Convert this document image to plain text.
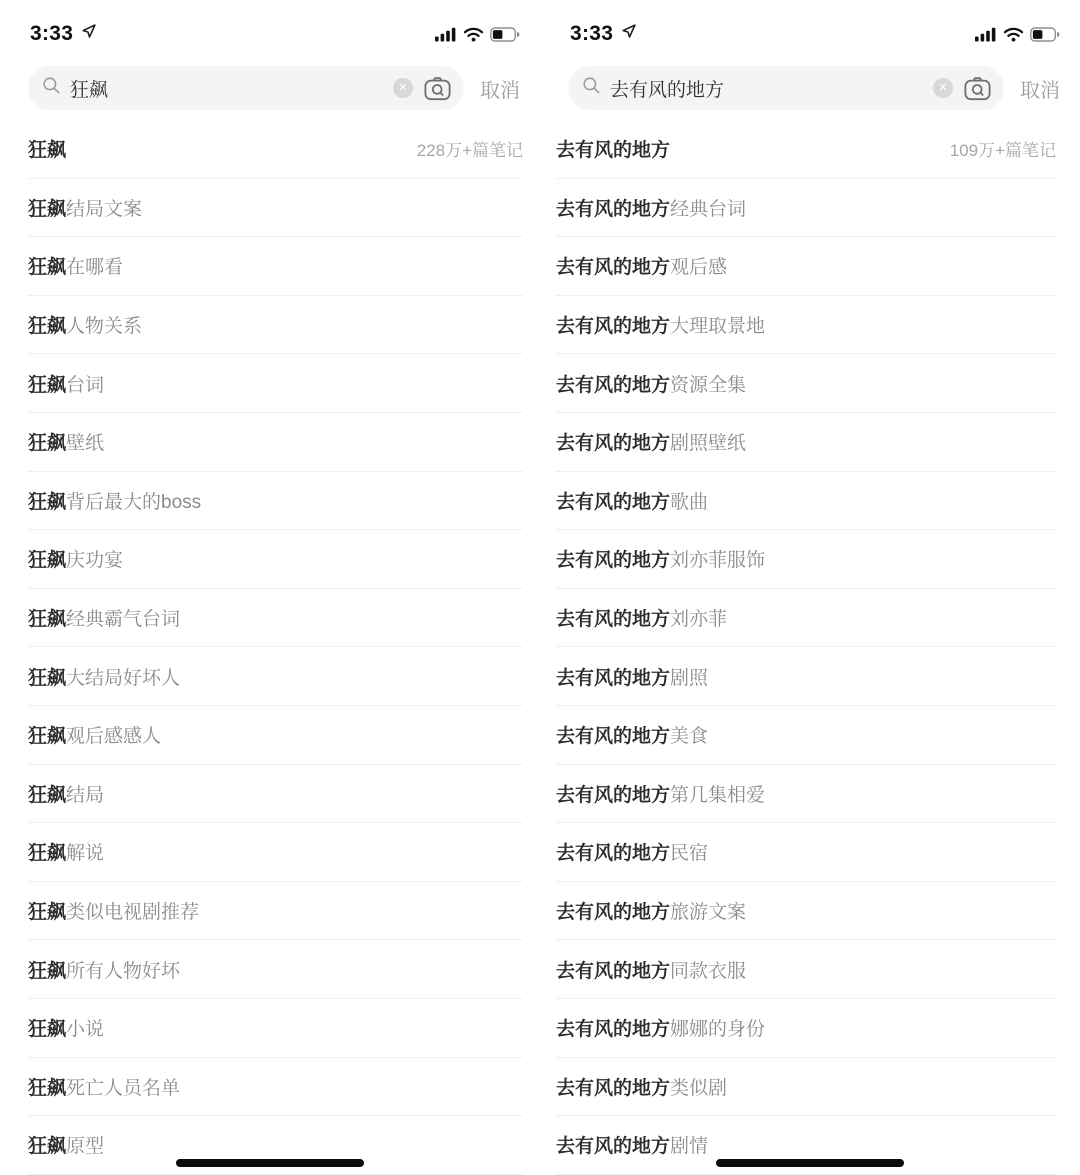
3:33
狂飙	✕	取消
狂飙	228万+篇笔记
狂飙 结局文案
狂飙 在哪看
狂飙 人物关系
狂飙 台词
狂飙 壁纸
狂飙 背后最大的boss
狂飙 庆功宴
狂飙 经典霸气台词
狂飙 大结局好坏人
狂飙 观后感感人
狂飙 结局
狂飙 解说
狂飙 类似电视剧推荐
狂飙 所有人物好坏
狂飙 小说
狂飙 死亡人员名单
狂飙 原型
3:33
去有风的地方	✕	取消
去有风的地方	109万+篇笔记
去有风的地方 经典台词
去有风的地方 观后感
去有风的地方 大理取景地
去有风的地方 资源全集
去有风的地方 剧照壁纸
去有风的地方 歌曲
去有风的地方 刘亦菲服饰
去有风的地方 刘亦菲
去有风的地方 剧照
去有风的地方 美食
去有风的地方 第几集相爱
去有风的地方 民宿
去有风的地方 旅游文案
去有风的地方 同款衣服
去有风的地方 娜娜的身份
去有风的地方 类似剧
去有风的地方 剧情
